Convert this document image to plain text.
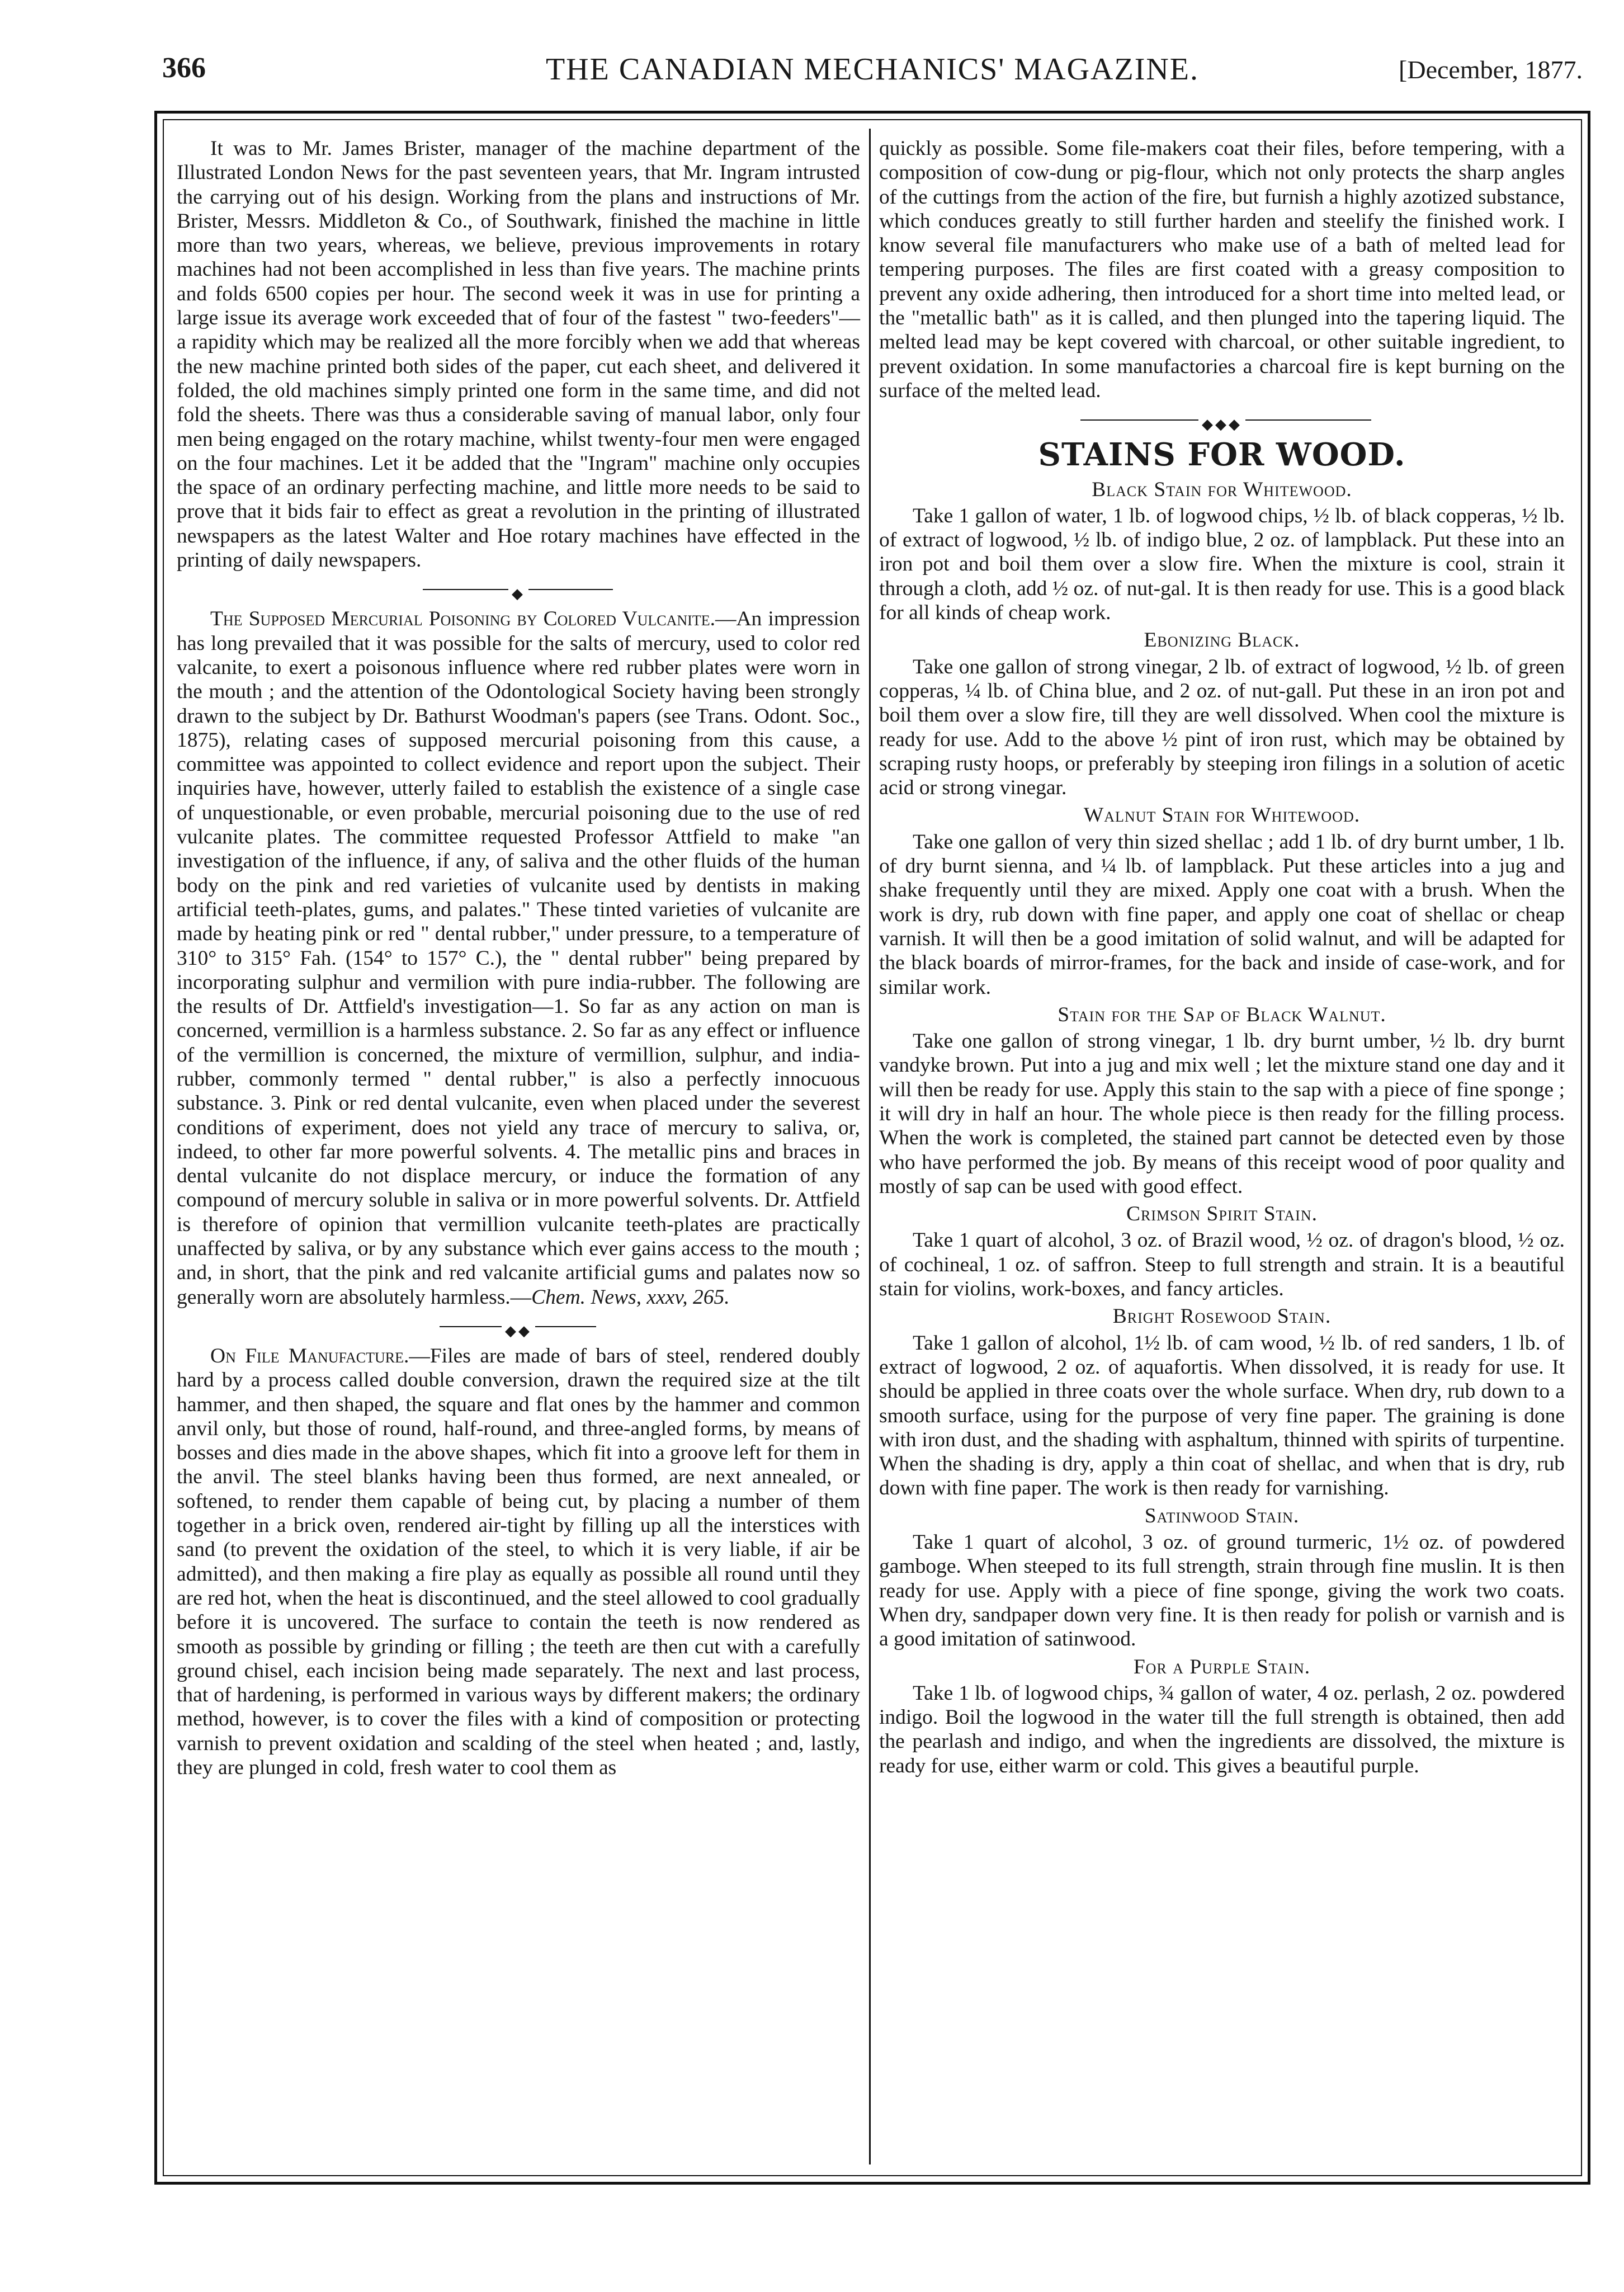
366	THE CANADIAN MECHANICS' MAGAZINE.	[December, 1877.

It was to Mr. James Brister, manager of the machine department of the Illustrated London News for the past seventeen years, that Mr. Ingram intrusted the carrying out of his design. Working from the plans and instructions of Mr. Brister, Messrs. Middleton & Co., of Southwark, finished the machine in little more than two years, whereas, we believe, previous improvements in rotary machines had not been accomplished in less than five years. The machine prints and folds 6500 copies per hour. The second week it was in use for printing a large issue its average work exceeded that of four of the fastest " two-feeders"—a rapidity which may be realized all the more forcibly when we add that whereas the new machine printed both sides of the paper, cut each sheet, and delivered it folded, the old machines simply printed one form in the same time, and did not fold the sheets. There was thus a considerable saving of manual labor, only four men being engaged on the rotary machine, whilst twenty-four men were engaged on the four machines. Let it be added that the "Ingram" machine only occupies the space of an ordinary perfecting machine, and little more needs to be said to prove that it bids fair to effect as great a revolution in the printing of illustrated newspapers as the latest Walter and Hoe rotary machines have effected in the printing of daily newspapers.

◆

The Supposed Mercurial Poisoning by Colored Vulcanite.—An impression has long prevailed that it was possible for the salts of mercury, used to color red valcanite, to exert a poisonous influence where red rubber plates were worn in the mouth ; and the attention of the Odontological Society having been strongly drawn to the subject by Dr. Bathurst Woodman's papers (see Trans. Odont. Soc., 1875), relating cases of supposed mercurial poisoning from this cause, a committee was appointed to collect evidence and report upon the subject. Their inquiries have, however, utterly failed to establish the existence of a single case of unquestionable, or even probable, mercurial poisoning due to the use of red vulcanite plates. The committee requested Professor Attfield to make "an investigation of the influence, if any, of saliva and the other fluids of the human body on the pink and red varieties of vulcanite used by dentists in making artificial teeth-plates, gums, and palates." These tinted varieties of vulcanite are made by heating pink or red " dental rubber," under pressure, to a temperature of 310° to 315° Fah. (154° to 157° C.), the " dental rubber" being prepared by incorporating sulphur and vermilion with pure india-rubber. The following are the results of Dr. Attfield's investigation—1. So far as any action on man is concerned, vermillion is a harmless substance. 2. So far as any effect or influence of the vermillion is concerned, the mixture of vermillion, sulphur, and india-rubber, commonly termed " dental rubber," is also a perfectly innocuous substance. 3. Pink or red dental vulcanite, even when placed under the severest conditions of experiment, does not yield any trace of mercury to saliva, or, indeed, to other far more powerful solvents. 4. The metallic pins and braces in dental vulcanite do not displace mercury, or induce the formation of any compound of mercury soluble in saliva or in more powerful solvents. Dr. Attfield is therefore of opinion that vermillion vulcanite teeth-plates are practically unaffected by saliva, or by any substance which ever gains access to the mouth ; and, in short, that the pink and red valcanite artificial gums and palates now so generally worn are absolutely harmless.—Chem. News, xxxv, 265.

◆◆

On File Manufacture.—Files are made of bars of steel, rendered doubly hard by a process called double conversion, drawn the required size at the tilt hammer, and then shaped, the square and flat ones by the hammer and common anvil only, but those of round, half-round, and three-angled forms, by means of bosses and dies made in the above shapes, which fit into a groove left for them in the anvil. The steel blanks having been thus formed, are next annealed, or softened, to render them capable of being cut, by placing a number of them together in a brick oven, rendered air-tight by filling up all the interstices with sand (to prevent the oxidation of the steel, to which it is very liable, if air be admitted), and then making a fire play as equally as possible all round until they are red hot, when the heat is discontinued, and the steel allowed to cool gradually before it is uncovered. The surface to contain the teeth is now rendered as smooth as possible by grinding or filling ; the teeth are then cut with a carefully ground chisel, each incision being made separately. The next and last process, that of hardening, is performed in various ways by different makers; the ordinary method, however, is to cover the files with a kind of composition or protecting varnish to prevent oxidation and scalding of the steel when heated ; and, lastly, they are plunged in cold, fresh water to cool them as

quickly as possible. Some file-makers coat their files, before tempering, with a composition of cow-dung or pig-flour, which not only protects the sharp angles of the cuttings from the action of the fire, but furnish a highly azotized substance, which conduces greatly to still further harden and steelify the finished work. I know several file manufacturers who make use of a bath of melted lead for tempering purposes. The files are first coated with a greasy composition to prevent any oxide adhering, then introduced for a short time into melted lead, or the "metallic bath" as it is called, and then plunged into the tapering liquid. The melted lead may be kept covered with charcoal, or other suitable ingredient, to prevent oxidation. In some manufactories a charcoal fire is kept burning on the surface of the melted lead.

◆◆◆
STAINS FOR WOOD.
Black Stain for Whitewood.

Take 1 gallon of water, 1 lb. of logwood chips, ½ lb. of black copperas, ½ lb. of extract of logwood, ½ lb. of indigo blue, 2 oz. of lampblack. Put these into an iron pot and boil them over a slow fire. When the mixture is cool, strain it through a cloth, add ½ oz. of nut-gal. It is then ready for use. This is a good black for all kinds of cheap work.

Ebonizing Black.

Take one gallon of strong vinegar, 2 lb. of extract of logwood, ½ lb. of green copperas, ¼ lb. of China blue, and 2 oz. of nut-gall. Put these in an iron pot and boil them over a slow fire, till they are well dissolved. When cool the mixture is ready for use. Add to the above ½ pint of iron rust, which may be obtained by scraping rusty hoops, or preferably by steeping iron filings in a solution of acetic acid or strong vinegar.

Walnut Stain for Whitewood.

Take one gallon of very thin sized shellac ; add 1 lb. of dry burnt umber, 1 lb. of dry burnt sienna, and ¼ lb. of lampblack. Put these articles into a jug and shake frequently until they are mixed. Apply one coat with a brush. When the work is dry, rub down with fine paper, and apply one coat of shellac or cheap varnish. It will then be a good imitation of solid walnut, and will be adapted for the black boards of mirror-frames, for the back and inside of case-work, and for similar work.

Stain for the Sap of Black Walnut.

Take one gallon of strong vinegar, 1 lb. dry burnt umber, ½ lb. dry burnt vandyke brown. Put into a jug and mix well ; let the mixture stand one day and it will then be ready for use. Apply this stain to the sap with a piece of fine sponge ; it will dry in half an hour. The whole piece is then ready for the filling process. When the work is completed, the stained part cannot be detected even by those who have performed the job. By means of this receipt wood of poor quality and mostly of sap can be used with good effect.

Crimson Spirit Stain.

Take 1 quart of alcohol, 3 oz. of Brazil wood, ½ oz. of dragon's blood, ½ oz. of cochineal, 1 oz. of saffron. Steep to full strength and strain. It is a beautiful stain for violins, work-boxes, and fancy articles.

Bright Rosewood Stain.

Take 1 gallon of alcohol, 1½ lb. of cam wood, ½ lb. of red sanders, 1 lb. of extract of logwood, 2 oz. of aquafortis. When dissolved, it is ready for use. It should be applied in three coats over the whole surface. When dry, rub down to a smooth surface, using for the purpose of very fine paper. The graining is done with iron dust, and the shading with asphaltum, thinned with spirits of turpentine. When the shading is dry, apply a thin coat of shellac, and when that is dry, rub down with fine paper. The work is then ready for varnishing.

Satinwood Stain.

Take 1 quart of alcohol, 3 oz. of ground turmeric, 1½ oz. of powdered gamboge. When steeped to its full strength, strain through fine muslin. It is then ready for use. Apply with a piece of fine sponge, giving the work two coats. When dry, sandpaper down very fine. It is then ready for polish or varnish and is a good imitation of satinwood.

For a Purple Stain.

Take 1 lb. of logwood chips, ¾ gallon of water, 4 oz. perlash, 2 oz. powdered indigo. Boil the logwood in the water till the full strength is obtained, then add the pearlash and indigo, and when the ingredients are dissolved, the mixture is ready for use, either warm or cold. This gives a beautiful purple.
